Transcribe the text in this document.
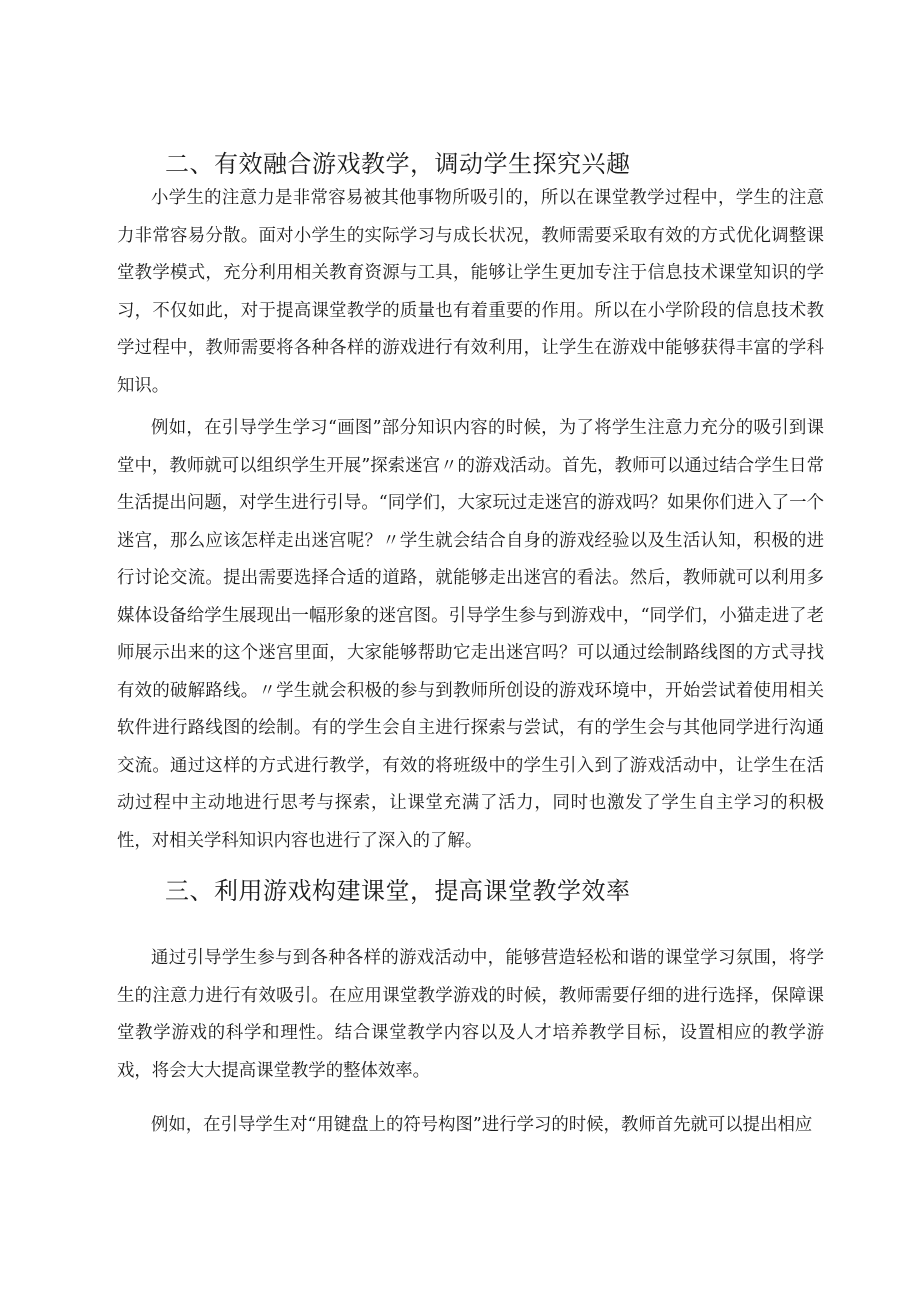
二、有效融合游戏教学，调动学生探究兴趣

小学生的注意力是非常容易被其他事物所吸引的，所以在课堂教学过程中，学生的注意力非常容易分散。面对小学生的实际学习与成长状况，教师需要采取有效的方式优化调整课堂教学模式，充分利用相关教育资源与工具，能够让学生更加专注于信息技术课堂知识的学习，不仅如此，对于提高课堂教学的质量也有着重要的作用。所以在小学阶段的信息技术教学过程中，教师需要将各种各样的游戏进行有效利用，让学生在游戏中能够获得丰富的学科知识。

例如，在引导学生学习“画图”部分知识内容的时候，为了将学生注意力充分的吸引到课堂中，教师就可以组织学生开展”探索迷宫〃的游戏活动。首先，教师可以通过结合学生日常生活提出问题，对学生进行引导。“同学们，大家玩过走迷宫的游戏吗？如果你们进入了一个迷宫，那么应该怎样走出迷宫呢？〃学生就会结合自身的游戏经验以及生活认知，积极的进行讨论交流。提出需要选择合适的道路，就能够走出迷宫的看法。然后，教师就可以利用多媒体设备给学生展现出一幅形象的迷宫图。引导学生参与到游戏中，“同学们，小猫走进了老师展示出来的这个迷宫里面，大家能够帮助它走出迷宫吗？可以通过绘制路线图的方式寻找有效的破解路线。〃学生就会积极的参与到教师所创设的游戏环境中，开始尝试着使用相关软件进行路线图的绘制。有的学生会自主进行探索与尝试，有的学生会与其他同学进行沟通交流。通过这样的方式进行教学，有效的将班级中的学生引入到了游戏活动中，让学生在活动过程中主动地进行思考与探索，让课堂充满了活力，同时也激发了学生自主学习的积极性，对相关学科知识内容也进行了深入的了解。

三、利用游戏构建课堂，提高课堂教学效率

通过引导学生参与到各种各样的游戏活动中，能够营造轻松和谐的课堂学习氛围，将学生的注意力进行有效吸引。在应用课堂教学游戏的时候，教师需要仔细的进行选择，保障课堂教学游戏的科学和理性。结合课堂教学内容以及人才培养教学目标，设置相应的教学游戏，将会大大提高课堂教学的整体效率。

例如，在引导学生对“用键盘上的符号构图”进行学习的时候，教师首先就可以提出相应
